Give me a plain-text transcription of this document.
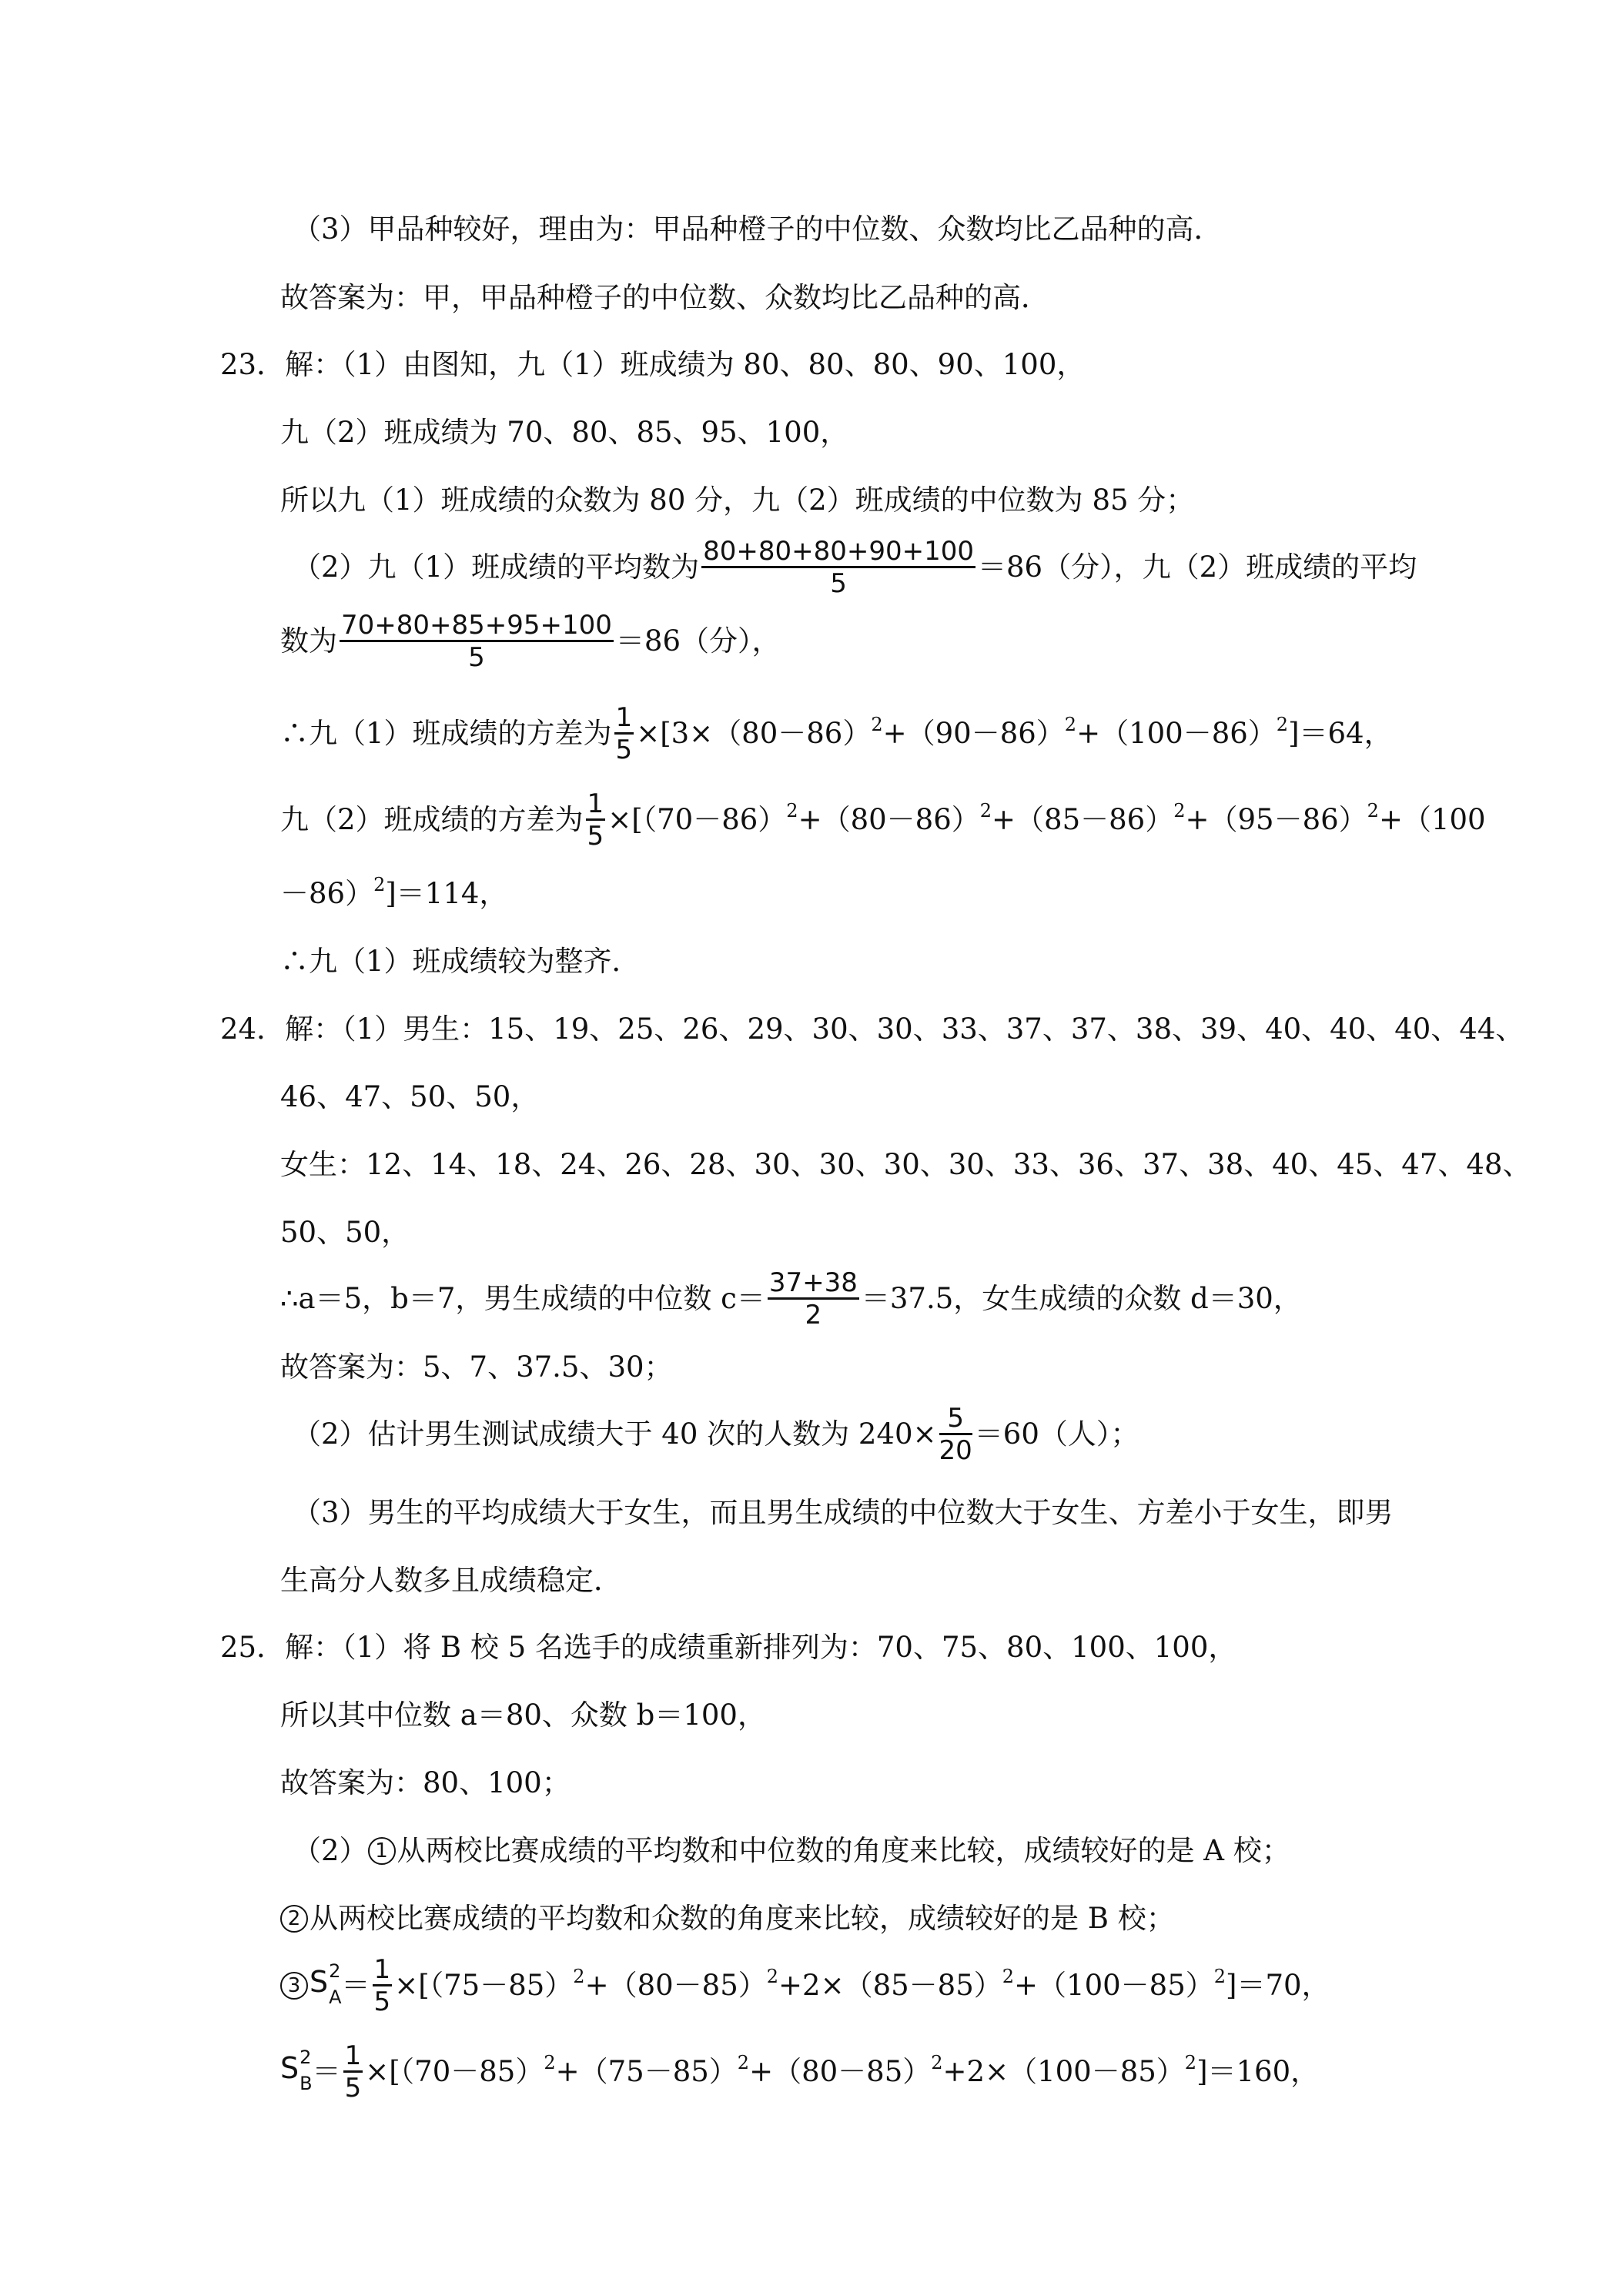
（3）甲品种较好，理由为：甲品种橙子的中位数、众数均比乙品种的高．
故答案为：甲，甲品种橙子的中位数、众数均比乙品种的高．
23．解：（1）由图知，九（1）班成绩为 80、80、80、90、100，
九（2）班成绩为 70、80、85、95、100，
所以九（1）班成绩的众数为 80 分，九（2）班成绩的中位数为 85 分；
（2）九（1）班成绩的平均数为 $\frac{80+80+80+90+100}{5} =86$（分），九（2）班成绩的平均
数为 $\frac{70+80+85+95+100}{5} =86$（分），
∴九（1）班成绩的方差为 $\frac{1}{5} \times[3\times(80-86)^2 +(90-86)^2 +(100-86)^2$ ]＝64，
九（2）班成绩的方差为 $\frac{1}{5} \times[(70-86)^2 +(80-86)^2 +(85-86)^2 +(95-86)^2 +(100$
－86）$^2$ ]＝114，
∴九（1）班成绩较为整齐．
24．解：（1）男生：15、19、25、26、29、30、30、33、37、37、38、39、40、40、40、44、
46、47、50、50，
女生：12、14、18、24、26、28、30、30、30、30、33、36、37、38、40、45、47、48、
50、50，
∴a＝5，b＝7，男生成绩的中位数 $c= \frac{37+38}{2} =37.5$，女生成绩的众数 d＝30，
故答案为：5、7、37.5、30；
（2）估计男生测试成绩大于 40 次的人数为 $240\times \frac{5}{20} =60$（人）；
（3）男生的平均成绩大于女生，而且男生成绩的中位数大于女生、方差小于女生，即男
生高分人数多且成绩稳定．
25．解：（1）将 B 校 5 名选手的成绩重新排列为：70、75、80、100、100，
所以其中位数 a＝80、众数 b＝100，
故答案为：80、100；
（2） 1 从两校比赛成绩的平均数和中位数的角度来比较，成绩较好的是 A 校；
2 从两校比赛成绩的平均数和众数的角度来比较，成绩较好的是 B 校；
3 S 2
$A = \frac{1}{5} \times[(75-85)^2 +(80-85)^2 +2\times(85-85)^2 +(100-85)^2$ ]＝70，
S 2
$B = \frac{1}{5} \times[(70-85)^2 +(75-85)^2 +(80-85)^2 +2\times(100-85)^2$ ]＝160，
